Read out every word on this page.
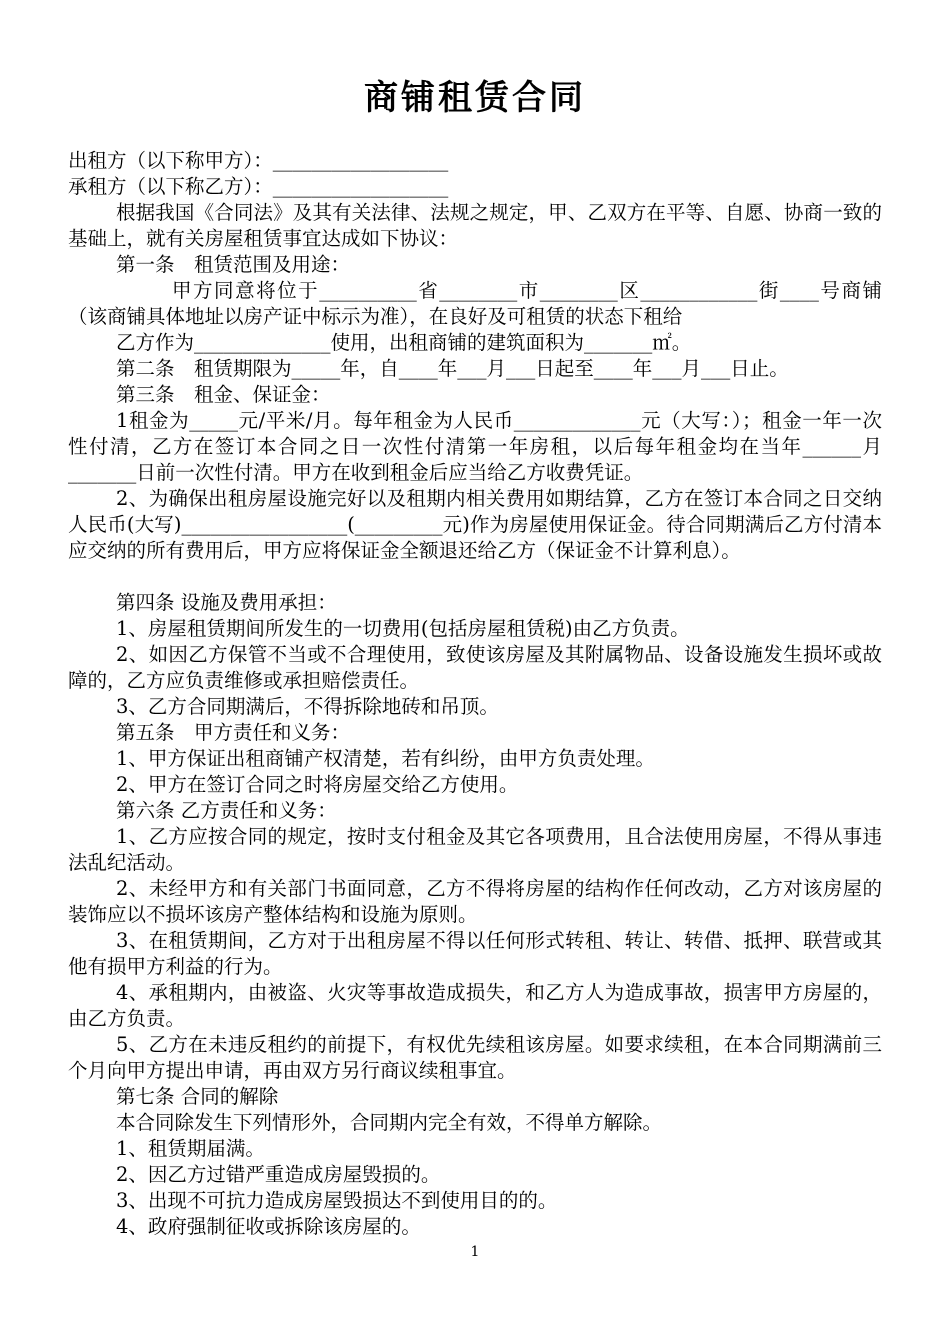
商铺租赁合同

出租方（以下称甲方）：__________________

承租方（以下称乙方）：__________________

根据我国《合同法》及其有关法律、法规之规定，甲、乙双方在平等、自愿、协商一致的基础上，就有关房屋租赁事宜达成如下协议：

第一条　租赁范围及用途：

甲方同意将位于__________省________市________区____________街____号商铺（该商铺具体地址以房产证中标示为准），在良好及可租赁的状态下租给

乙方作为______________使用，出租商铺的建筑面积为_______㎡。

第二条　租赁期限为_____年，自____年___月___日起至____年___月___日止。

第三条　租金、保证金：

1租金为_____元/平米/月。每年租金为人民币_____________元（大写：）；租金一年一次性付清，乙方在签订本合同之日一次性付清第一年房租，以后每年租金均在当年______月_______日前一次性付清。甲方在收到租金后应当给乙方收费凭证。

2、为确保出租房屋设施完好以及租期内相关费用如期结算，乙方在签订本合同之日交纳人民币(大写)_________________(_________元)作为房屋使用保证金。待合同期满后乙方付清本应交纳的所有费用后，甲方应将保证金全额退还给乙方（保证金不计算利息）。

第四条 设施及费用承担：

1、房屋租赁期间所发生的一切费用(包括房屋租赁税)由乙方负责。

2、如因乙方保管不当或不合理使用，致使该房屋及其附属物品、设备设施发生损坏或故障的，乙方应负责维修或承担赔偿责任。

3、乙方合同期满后，不得拆除地砖和吊顶。

第五条　甲方责任和义务：

1、甲方保证出租商铺产权清楚，若有纠纷，由甲方负责处理。

2、甲方在签订合同之时将房屋交给乙方使用。

第六条 乙方责任和义务：

1、乙方应按合同的规定，按时支付租金及其它各项费用，且合法使用房屋，不得从事违法乱纪活动。

2、未经甲方和有关部门书面同意，乙方不得将房屋的结构作任何改动，乙方对该房屋的装饰应以不损坏该房产整体结构和设施为原则。

3、在租赁期间，乙方对于出租房屋不得以任何形式转租、转让、转借、抵押、联营或其他有损甲方利益的行为。

4、承租期内，由被盗、火灾等事故造成损失，和乙方人为造成事故，损害甲方房屋的，由乙方负责。

5、乙方在未违反租约的前提下，有权优先续租该房屋。如要求续租，在本合同期满前三个月向甲方提出申请，再由双方另行商议续租事宜。

第七条 合同的解除

本合同除发生下列情形外，合同期内完全有效，不得单方解除。

1、租赁期届满。

2、因乙方过错严重造成房屋毁损的。

3、出现不可抗力造成房屋毁损达不到使用目的的。

4、政府强制征收或拆除该房屋的。

1
